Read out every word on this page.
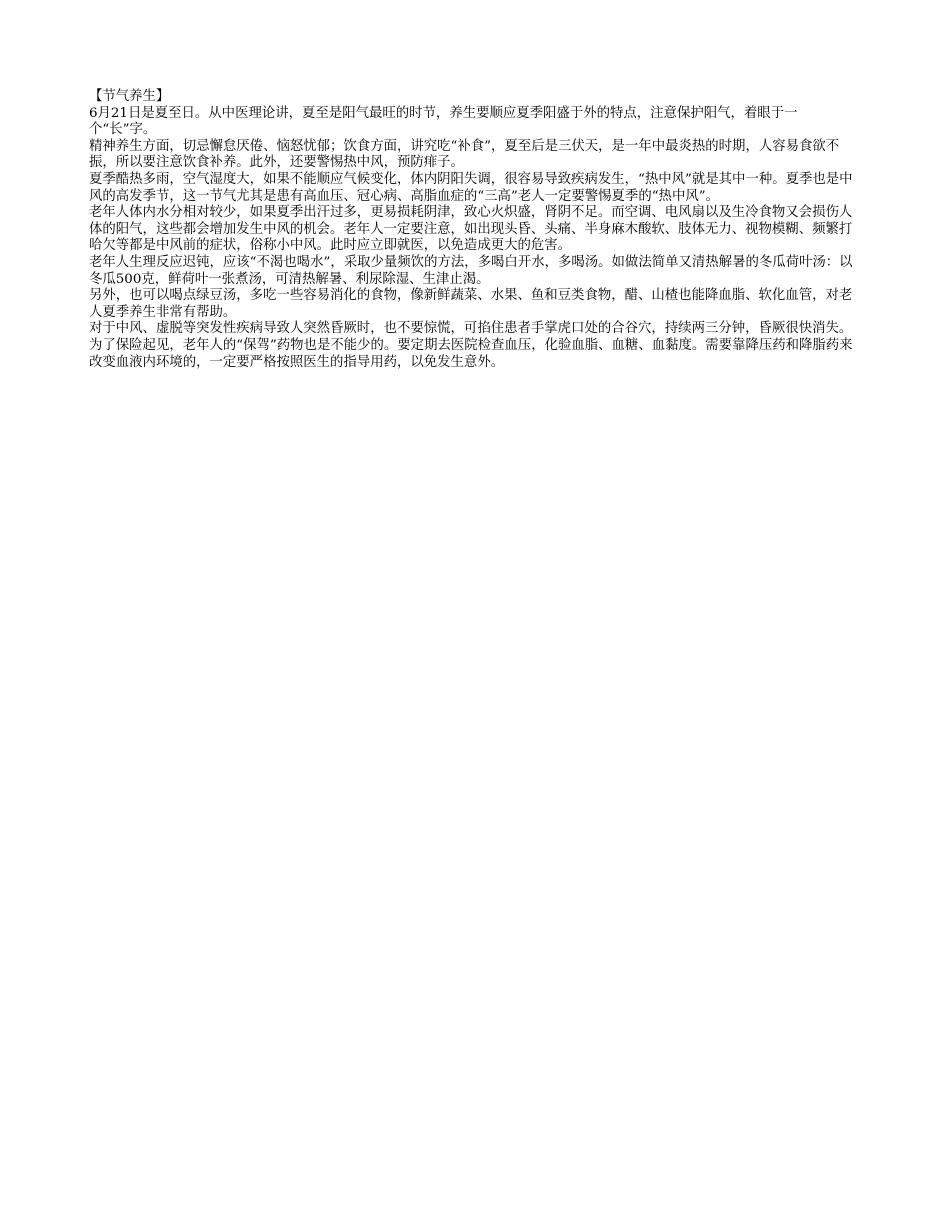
【节气养生】

6月21日是夏至日。从中医理论讲，夏至是阳气最旺的时节，养生要顺应夏季阳盛于外的特点，注意保护阳气，着眼于一个“长”字。

精神养生方面，切忌懈怠厌倦、恼怒忧郁；饮食方面，讲究吃“补食”，夏至后是三伏天，是一年中最炎热的时期，人容易食欲不振，所以要注意饮食补养。此外，还要警惕热中风，预防痱子。

夏季酷热多雨，空气湿度大，如果不能顺应气候变化，体内阴阳失调，很容易导致疾病发生，“热中风”就是其中一种。夏季也是中风的高发季节，这一节气尤其是患有高血压、冠心病、高脂血症的“三高”老人一定要警惕夏季的“热中风”。

老年人体内水分相对较少，如果夏季出汗过多，更易损耗阴津，致心火炽盛，肾阴不足。而空调、电风扇以及生冷食物又会损伤人体的阳气，这些都会增加发生中风的机会。老年人一定要注意，如出现头昏、头痛、半身麻木酸软、肢体无力、视物模糊、频繁打哈欠等都是中风前的症状，俗称小中风。此时应立即就医，以免造成更大的危害。

老年人生理反应迟钝，应该“不渴也喝水”，采取少量频饮的方法，多喝白开水，多喝汤。如做法简单又清热解暑的冬瓜荷叶汤：以冬瓜500克，鲜荷叶一张煮汤，可清热解暑、利尿除湿、生津止渴。

另外，也可以喝点绿豆汤，多吃一些容易消化的食物，像新鲜蔬菜、水果、鱼和豆类食物，醋、山楂也能降血脂、软化血管，对老人夏季养生非常有帮助。

对于中风、虚脱等突发性疾病导致人突然昏厥时，也不要惊慌，可掐住患者手掌虎口处的合谷穴，持续两三分钟，昏厥很快消失。

为了保险起见，老年人的“保驾”药物也是不能少的。要定期去医院检查血压，化验血脂、血糖、血黏度。需要靠降压药和降脂药来改变血液内环境的，一定要严格按照医生的指导用药，以免发生意外。
